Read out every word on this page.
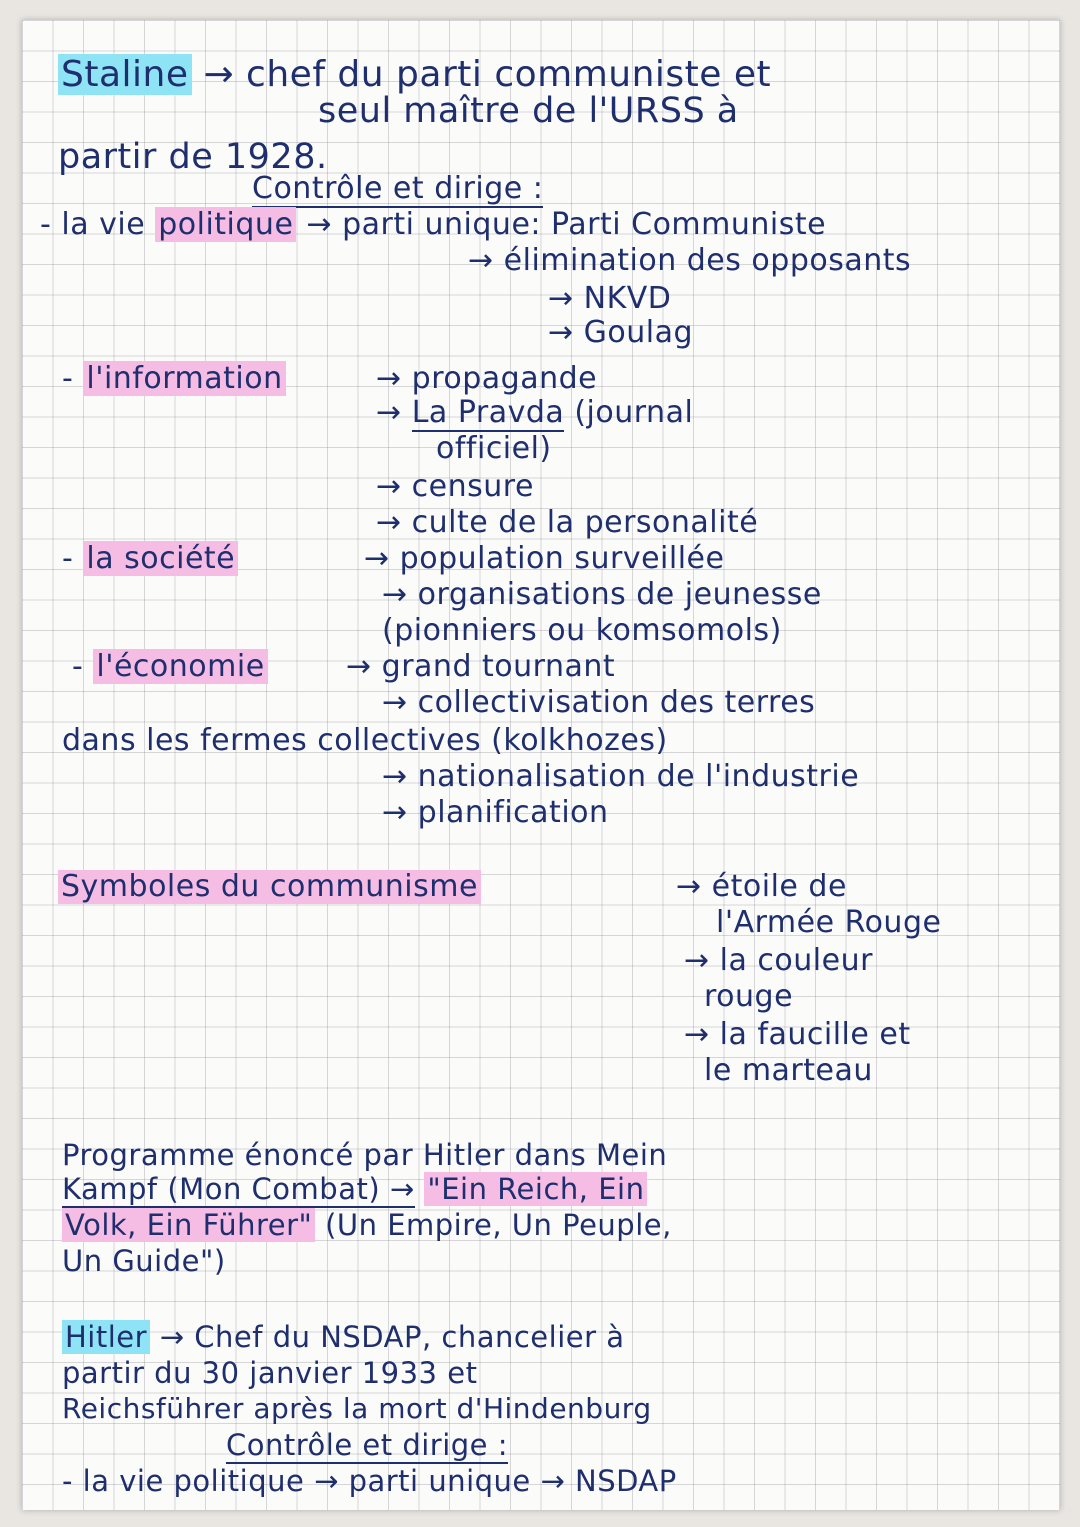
Staline → chef du parti communiste et
seul maître de l'URSS à
partir de 1928.
Contrôle et dirige :
- la vie politique → parti unique: Parti Communiste
→ élimination des opposants
→ NKVD
→ Goulag
- l'information	→ propagande
→ La Pravda (journal
officiel)
→ censure
→ culte de la personalité
- la société	→ population surveillée
→ organisations de jeunesse
(pionniers ou komsomols)
- l'économie	→ grand tournant
→ collectivisation des terres
dans les fermes collectives (kolkhozes)
→ nationalisation de l'industrie
→ planification
Symboles du communisme	→ étoile de
l'Armée Rouge
→ la couleur
rouge
→ la faucille et
le marteau
Programme énoncé par Hitler dans Mein
Kampf (Mon Combat) → "Ein Reich, Ein
Volk, Ein Führer" (Un Empire, Un Peuple,
Un Guide")
Hitler → Chef du NSDAP, chancelier à
partir du 30 janvier 1933 et
Reichsführer après la mort d'Hindenburg
Contrôle et dirige :
- la vie politique → parti unique → NSDAP
